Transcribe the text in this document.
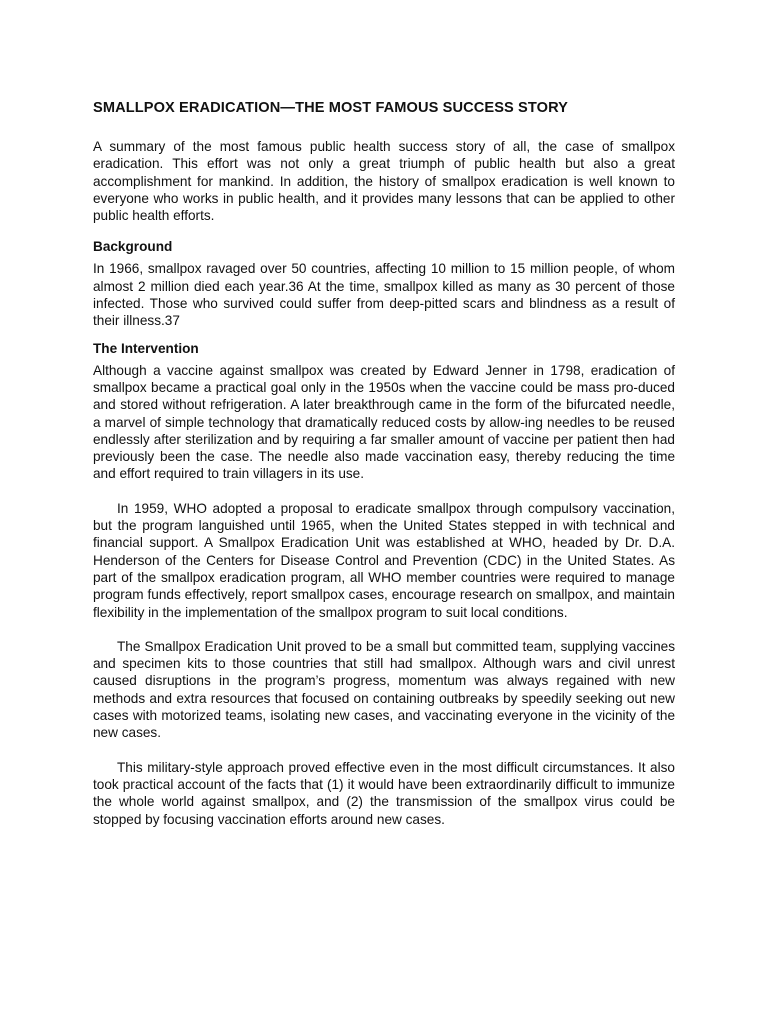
SMALLPOX ERADICATION—THE MOST FAMOUS SUCCESS STORY

A summary of the most famous public health success story of all, the case of smallpox eradication. This effort was not only a great triumph of public health but also a great accomplishment for mankind. In addition, the history of smallpox eradication is well known to everyone who works in public health, and it provides many lessons that can be applied to other public health efforts.

Background

In 1966, smallpox ravaged over 50 countries, affecting 10 million to 15 million people, of whom almost 2 million died each year.36 At the time, smallpox killed as many as 30 percent of those infected. Those who survived could suffer from deep-pitted scars and blindness as a result of their illness.37

The Intervention

Although a vaccine against smallpox was created by Edward Jenner in 1798, eradication of smallpox became a practical goal only in the 1950s when the vaccine could be mass pro-duced and stored without refrigeration. A later breakthrough came in the form of the bifurcated needle, a marvel of simple technology that dramatically reduced costs by allow-ing needles to be reused endlessly after sterilization and by requiring a far smaller amount of vaccine per patient then had previously been the case. The needle also made vaccination easy, thereby reducing the time and effort required to train villagers in its use.

In 1959, WHO adopted a proposal to eradicate smallpox through compulsory vaccination, but the program languished until 1965, when the United States stepped in with technical and financial support. A Smallpox Eradication Unit was established at WHO, headed by Dr. D.A. Henderson of the Centers for Disease Control and Prevention (CDC) in the United States. As part of the smallpox eradication program, all WHO member countries were required to manage program funds effectively, report smallpox cases, encourage research on smallpox, and maintain flexibility in the implementation of the smallpox program to suit local conditions.

The Smallpox Eradication Unit proved to be a small but committed team, supplying vaccines and specimen kits to those countries that still had smallpox. Although wars and civil unrest caused disruptions in the program’s progress, momentum was always regained with new methods and extra resources that focused on containing outbreaks by speedily seeking out new cases with motorized teams, isolating new cases, and vaccinating everyone in the vicinity of the new cases.

This military-style approach proved effective even in the most difficult circumstances. It also took practical account of the facts that (1) it would have been extraordinarily difficult to immunize the whole world against smallpox, and (2) the transmission of the smallpox virus could be stopped by focusing vaccination efforts around new cases.
